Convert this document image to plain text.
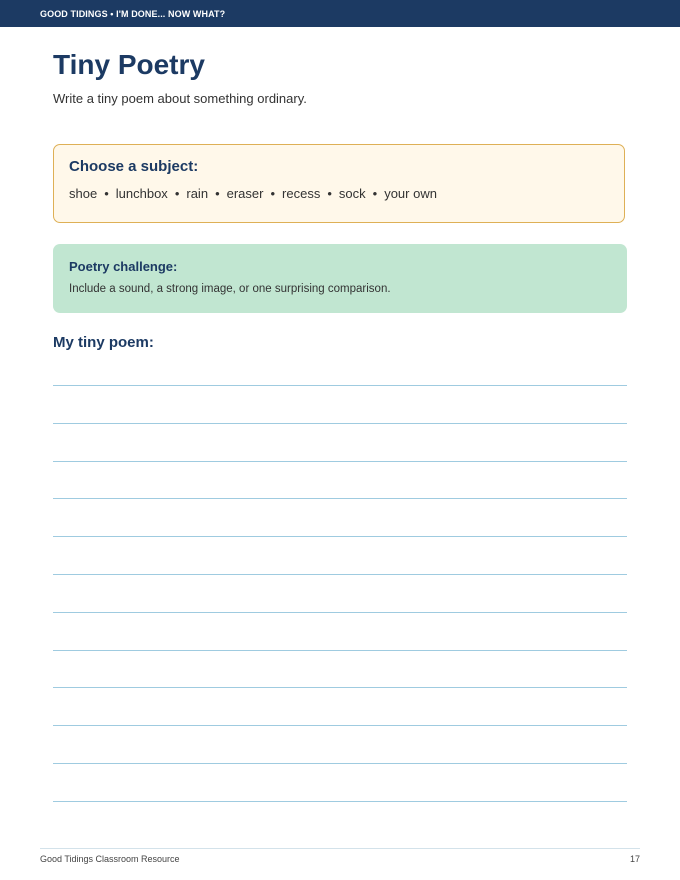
GOOD TIDINGS • I'M DONE... NOW WHAT?
Tiny Poetry

Write a tiny poem about something ordinary.

Choose a subject:
shoe • lunchbox • rain • eraser • recess • sock • your own
Poetry challenge:
Include a sound, a strong image, or one surprising comparison.
My tiny poem:
Good Tidings Classroom Resource	17
